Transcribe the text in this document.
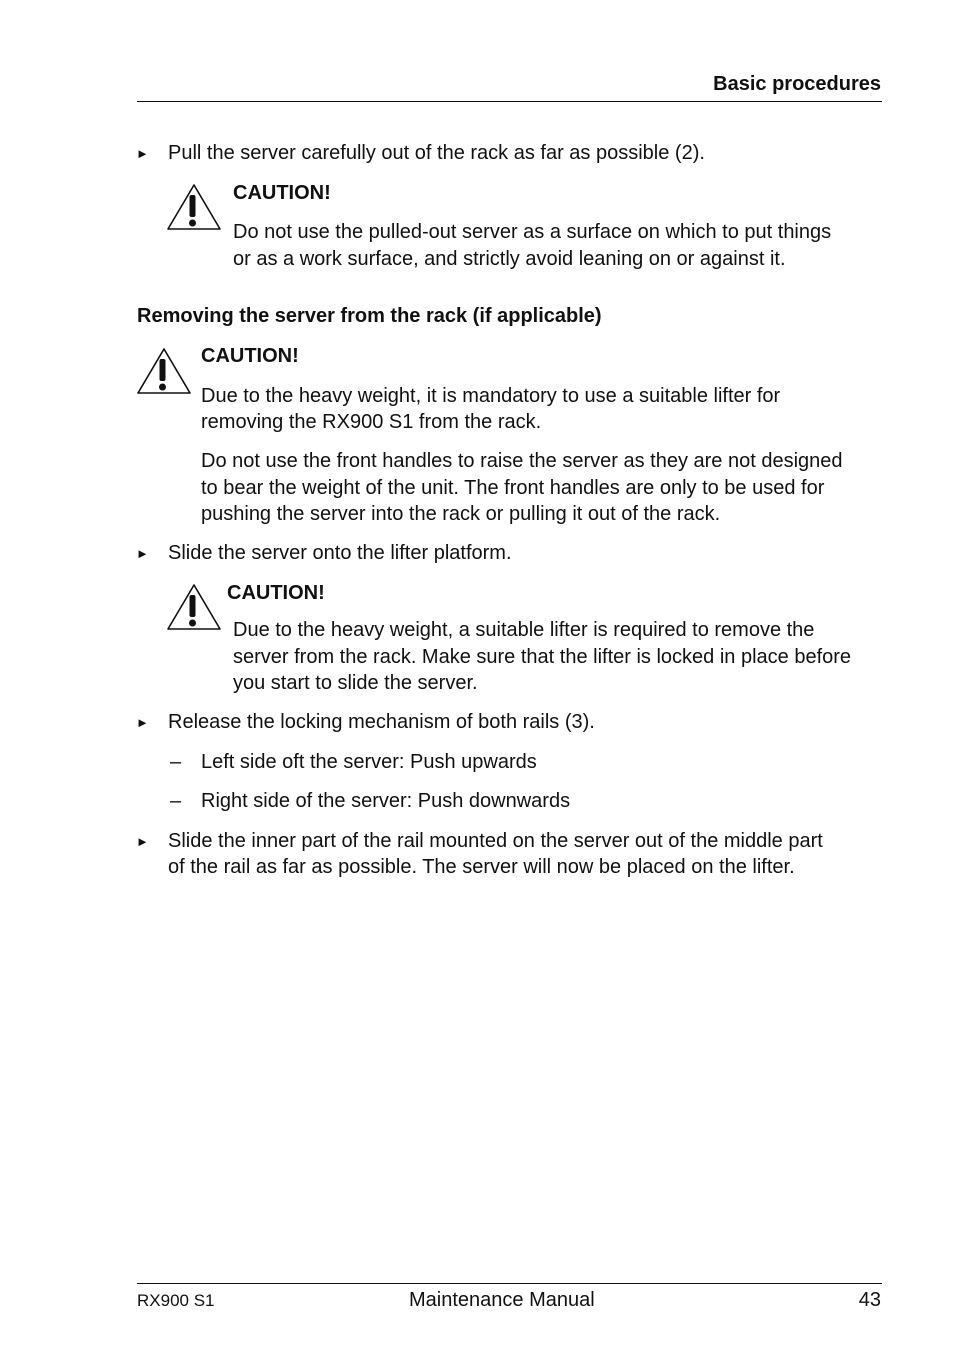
Basic procedures
► Pull the server carefully out of the rack as far as possible (2).
CAUTION!
Do not use the pulled-out server as a surface on which to put things
or as a work surface, and strictly avoid leaning on or against it.
Removing the server from the rack (if applicable)
CAUTION!
Due to the heavy weight, it is mandatory to use a suitable lifter for
removing the RX900 S1 from the rack.
Do not use the front handles to raise the server as they are not designed
to bear the weight of the unit. The front handles are only to be used for
pushing the server into the rack or pulling it out of the rack.
► Slide the server onto the lifter platform.
CAUTION!
Due to the heavy weight, a suitable lifter is required to remove the
server from the rack. Make sure that the lifter is locked in place before
you start to slide the server.
► Release the locking mechanism of both rails (3).
– Left side oft the server: Push upwards
– Right side of the server: Push downwards
► Slide the inner part of the rail mounted on the server out of the middle part
of the rail as far as possible. The server will now be placed on the lifter.
RX900 S1	Maintenance Manual	43
